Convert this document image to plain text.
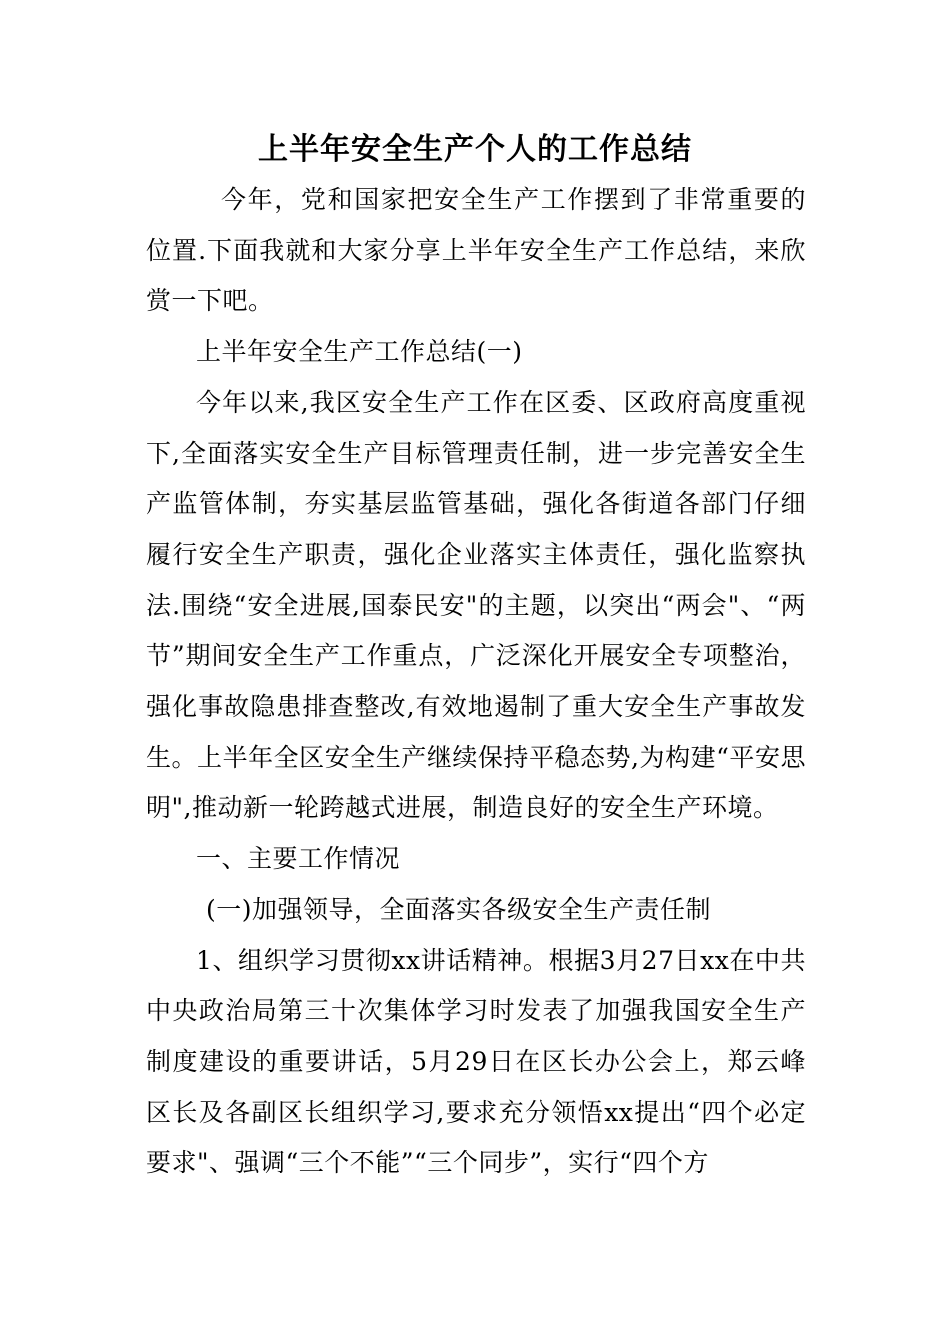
上半年安全生产个人的工作总结

今年，党和国家把安全生产工作摆到了非常重要的位置.下面我就和大家分享上半年安全生产工作总结，来欣赏一下吧。

上半年安全生产工作总结(一)

今年以来,我区安全生产工作在区委、区政府高度重视下,全面落实安全生产目标管理责任制，进一步完善安全生产监管体制，夯实基层监管基础，强化各街道各部门仔细履行安全生产职责，强化企业落实主体责任，强化监察执法.围绕“安全进展,国泰民安"的主题，以突出“两会"、“两节”期间安全生产工作重点，广泛深化开展安全专项整治，强化事故隐患排查整改,有效地遏制了重大安全生产事故发生。上半年全区安全生产继续保持平稳态势,为构建“平安思明",推动新一轮跨越式进展，制造良好的安全生产环境。

一、主要工作情况

(一)加强领导，全面落实各级安全生产责任制

1、组织学习贯彻xx讲话精神。根据3月27日xx在中共中央政治局第三十次集体学习时发表了加强我国安全生产制度建设的重要讲话，5月29日在区长办公会上，郑云峰区长及各副区长组织学习,要求充分领悟xx提出“四个必定要求"、强调“三个不能”“三个同步”，实行“四个方
